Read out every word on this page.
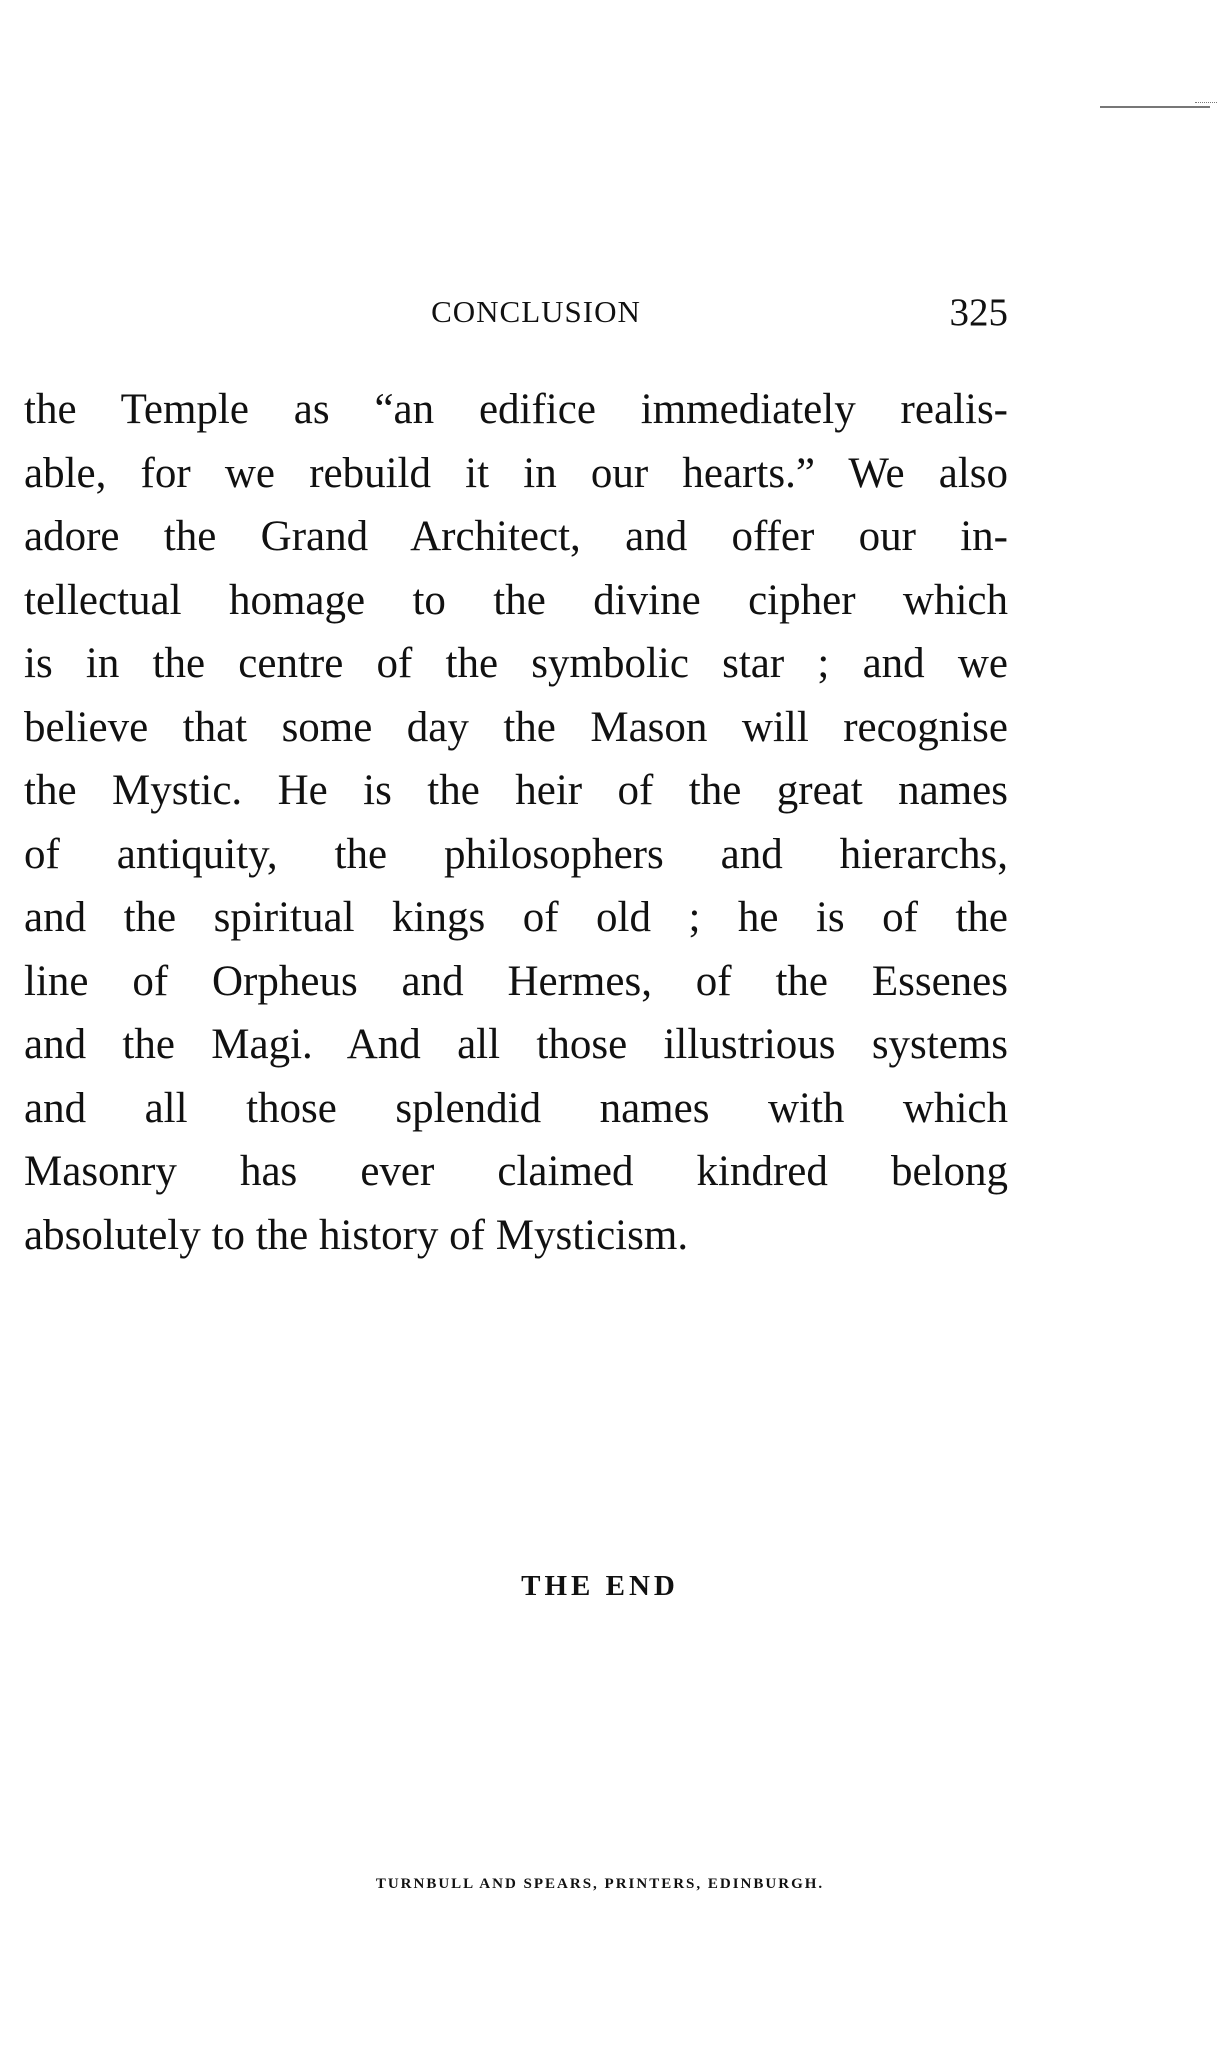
CONCLUSION	325
the Temple as “an edifice immediately realis-
able, for we rebuild it in our hearts.” We also
adore the Grand Architect, and offer our in-
tellectual homage to the divine cipher which
is in the centre of the symbolic star ; and we
believe that some day the Mason will recognise
the Mystic. He is the heir of the great names
of antiquity, the philosophers and hierarchs,
and the spiritual kings of old ; he is of the
line of Orpheus and Hermes, of the Essenes
and the Magi. And all those illustrious systems
and all those splendid names with which
Masonry has ever claimed kindred belong
absolutely to the history of Mysticism.
THE END
TURNBULL AND SPEARS, PRINTERS, EDINBURGH.
